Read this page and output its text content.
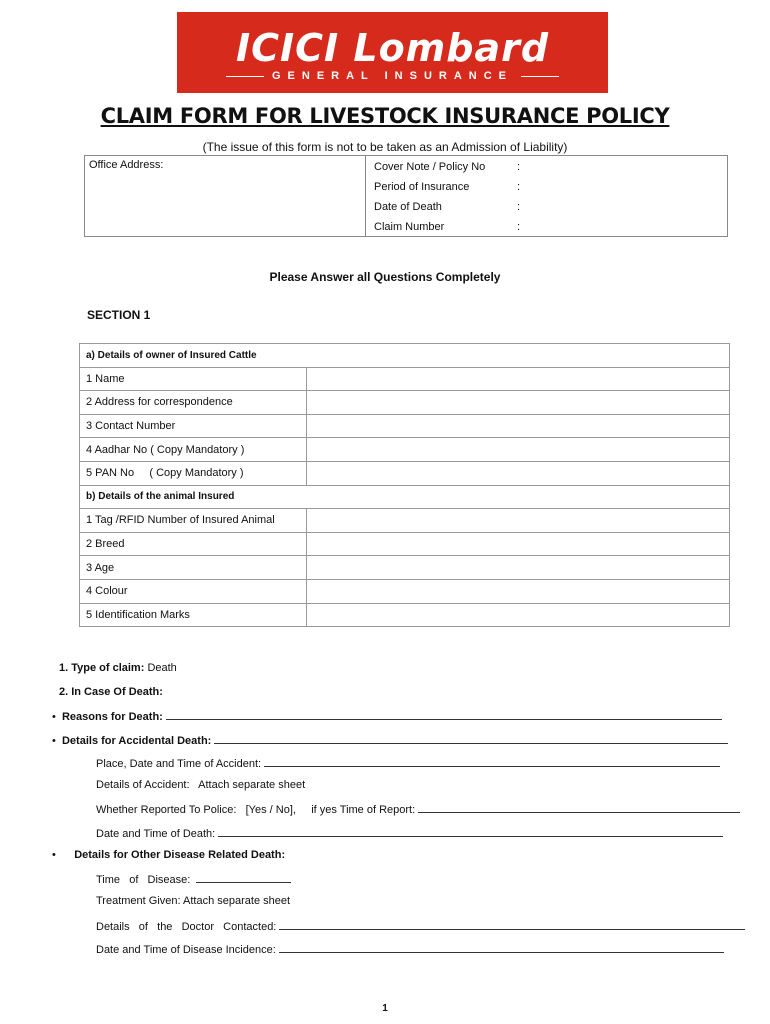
ICICI Lombard
GENERAL INSURANCE
CLAIM FORM FOR LIVESTOCK INSURANCE POLICY
(The issue of this form is not to be taken as an Admission of Liability)
Office Address:	Cover Note / Policy No	:
Period of Insurance	:
Date of Death	:
Claim Number	:
Please Answer all Questions Completely
SECTION 1
a) Details of owner of Insured Cattle	
1 Name	
2 Address for correspondence	
3 Contact Number	
4 Aadhar No ( Copy Mandatory )	
5 PAN No     ( Copy Mandatory )	
b) Details of the animal Insured	
1 Tag /RFID Number of Insured Animal	
2 Breed	
3 Age	
4 Colour	
5 Identification Marks	
1. Type of claim: Death
2. In Case Of Death:
• Reasons for Death:
• Details for Accidental Death:
Place, Date and Time of Accident:
Details of Accident: Attach separate sheet
Whether Reported To Police: [Yes / No], if yes Time of Report:
Date and Time of Death:
• Details for Other Disease Related Death:
Time   of   Disease:
Treatment Given: Attach separate sheet
Details   of   the   Doctor   Contacted:
Date and Time of Disease Incidence:
1
